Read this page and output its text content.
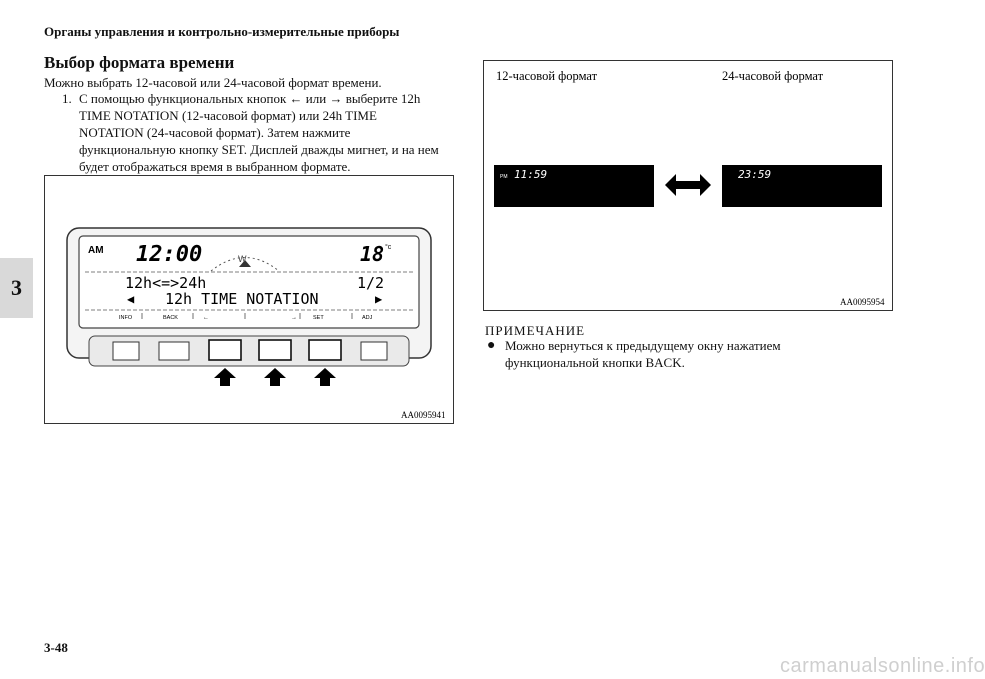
Органы управления и контрольно-измерительные приборы
3
Выбор формата времени
Можно выбрать 12-часовой или 24-часовой формат времени.
1. С помощью функциональных кнопок ← или → выберите 12h
TIME NOTATION (12-часовой формат) или 24h TIME
NOTATION (24-часовой формат). Затем нажмите
функциональную кнопку SET. Дисплей дважды мигнет, и на нем
будет отображаться время в выбранном формате.
AM 12:00	18 °c
W
12h<=>24h	1/2
◀ 12h TIME NOTATION	▶
INFO	BACK	←	→	SET	ADJ
AA0095941
12-часовой формат	24-часовой формат
PM 11:59	23:59
AA0095954
ПРИМЕЧАНИЕ
● Можно вернуться к предыдущему окну нажатием
функциональной кнопки BACK.
3-48
carmanualsonline.info
